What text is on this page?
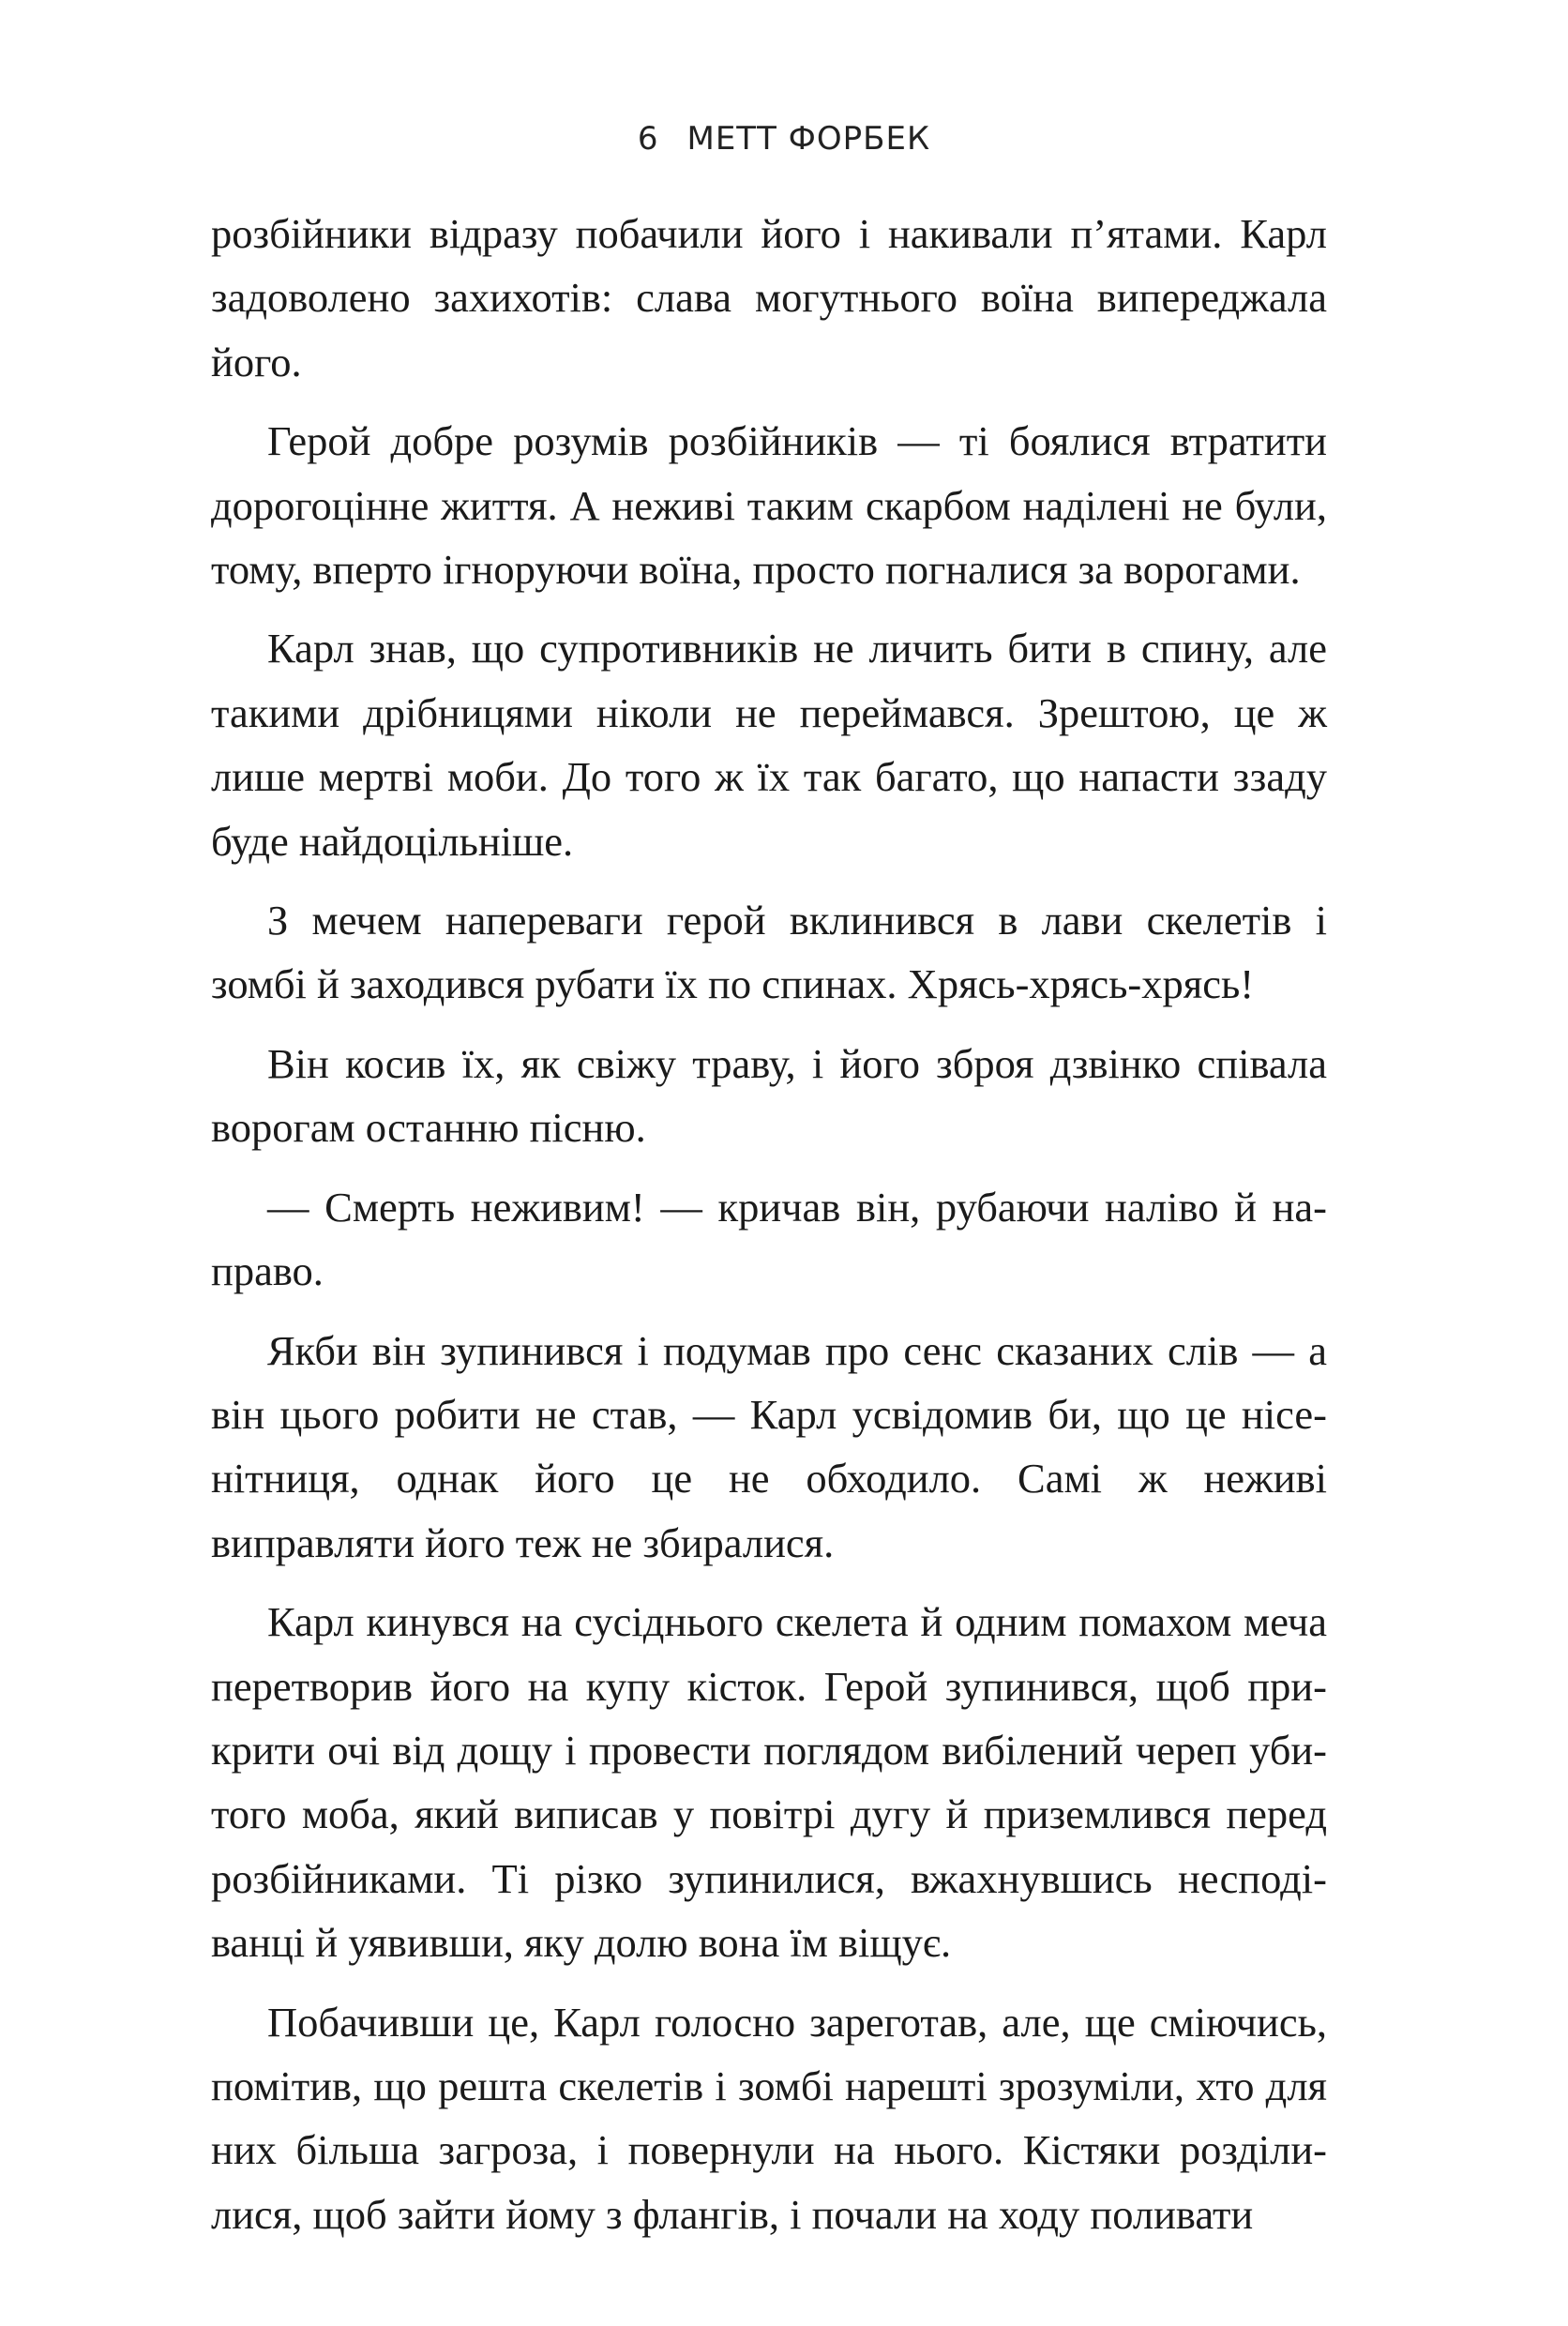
6 МЕТТ ФОРБЕК

розбійники відразу побачили його і накивали п’ятами. Карл задоволено захихотів: слава могутнього воїна випереджала його.

Герой добре розумів розбійників — ті боялися втратити дорогоцінне життя. А неживі таким скарбом наділені не були, тому, вперто ігноруючи воїна, просто погналися за ворогами.

Карл знав, що супротивників не личить бити в спину, але такими дрібницями ніколи не переймався. Зрештою, це ж лише мертві моби. До того ж їх так багато, що напасти ззаду буде найдоцільніше.

З мечем напереваги герой вклинився в лави скелетів і зомбі й заходився рубати їх по спинах. Хрясь-хрясь-хрясь!

Він косив їх, як свіжу траву, і його зброя дзвінко співала ворогам останню пісню.

— Смерть неживим! — кричав він, рубаючи наліво й направо.

Якби він зупинився і подумав про сенс сказаних слів — а він цього робити не став, — Карл усвідомив би, що це нісенітниця, однак його це не обходило. Самі ж неживі виправляти його теж не збиралися.

Карл кинувся на сусіднього скелета й одним помахом меча перетворив його на купу кісток. Герой зупинився, щоб прикрити очі від дощу і провести поглядом вибілений череп убитого моба, який виписав у повітрі дугу й приземлився перед розбійниками. Ті різко зупинилися, вжахнувшись несподіванці й уявивши, яку долю вона їм віщує.

Побачивши це, Карл голосно зареготав, але, ще сміючись, помітив, що решта скелетів і зомбі нарешті зрозуміли, хто для них більша загроза, і повернули на нього. Кістяки розділилися, щоб зайти йому з флангів, і почали на ходу поливати
